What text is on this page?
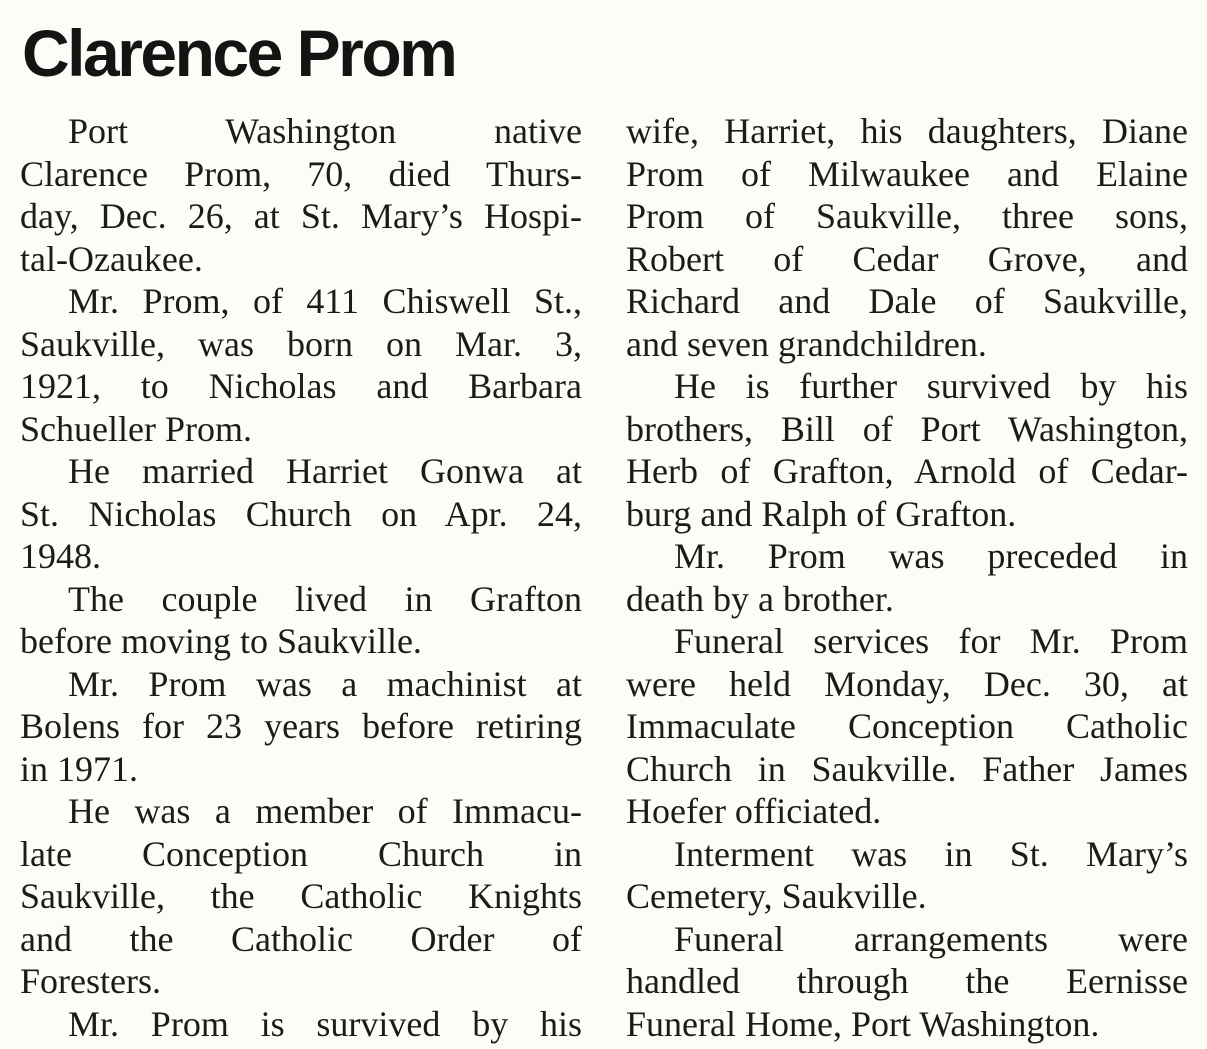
Clarence Prom
Port Washington native
Clarence Prom, 70, died Thurs-
day, Dec. 26, at St. Mary’s Hospi-
tal-Ozaukee.
Mr. Prom, of 411 Chiswell St.,
Saukville, was born on Mar. 3,
1921, to Nicholas and Barbara
Schueller Prom.
He married Harriet Gonwa at
St. Nicholas Church on Apr. 24,
1948.
The couple lived in Grafton
before moving to Saukville.
Mr. Prom was a machinist at
Bolens for 23 years before retiring
in 1971.
He was a member of Immacu-
late Conception Church in
Saukville, the Catholic Knights
and the Catholic Order of
Foresters.
Mr. Prom is survived by his
wife, Harriet, his daughters, Diane
Prom of Milwaukee and Elaine
Prom of Saukville, three sons,
Robert of Cedar Grove, and
Richard and Dale of Saukville,
and seven grandchildren.
He is further survived by his
brothers, Bill of Port Washington,
Herb of Grafton, Arnold of Cedar-
burg and Ralph of Grafton.
Mr. Prom was preceded in
death by a brother.
Funeral services for Mr. Prom
were held Monday, Dec. 30, at
Immaculate Conception Catholic
Church in Saukville. Father James
Hoefer officiated.
Interment was in St. Mary’s
Cemetery, Saukville.
Funeral arrangements were
handled through the Eernisse
Funeral Home, Port Washington.
